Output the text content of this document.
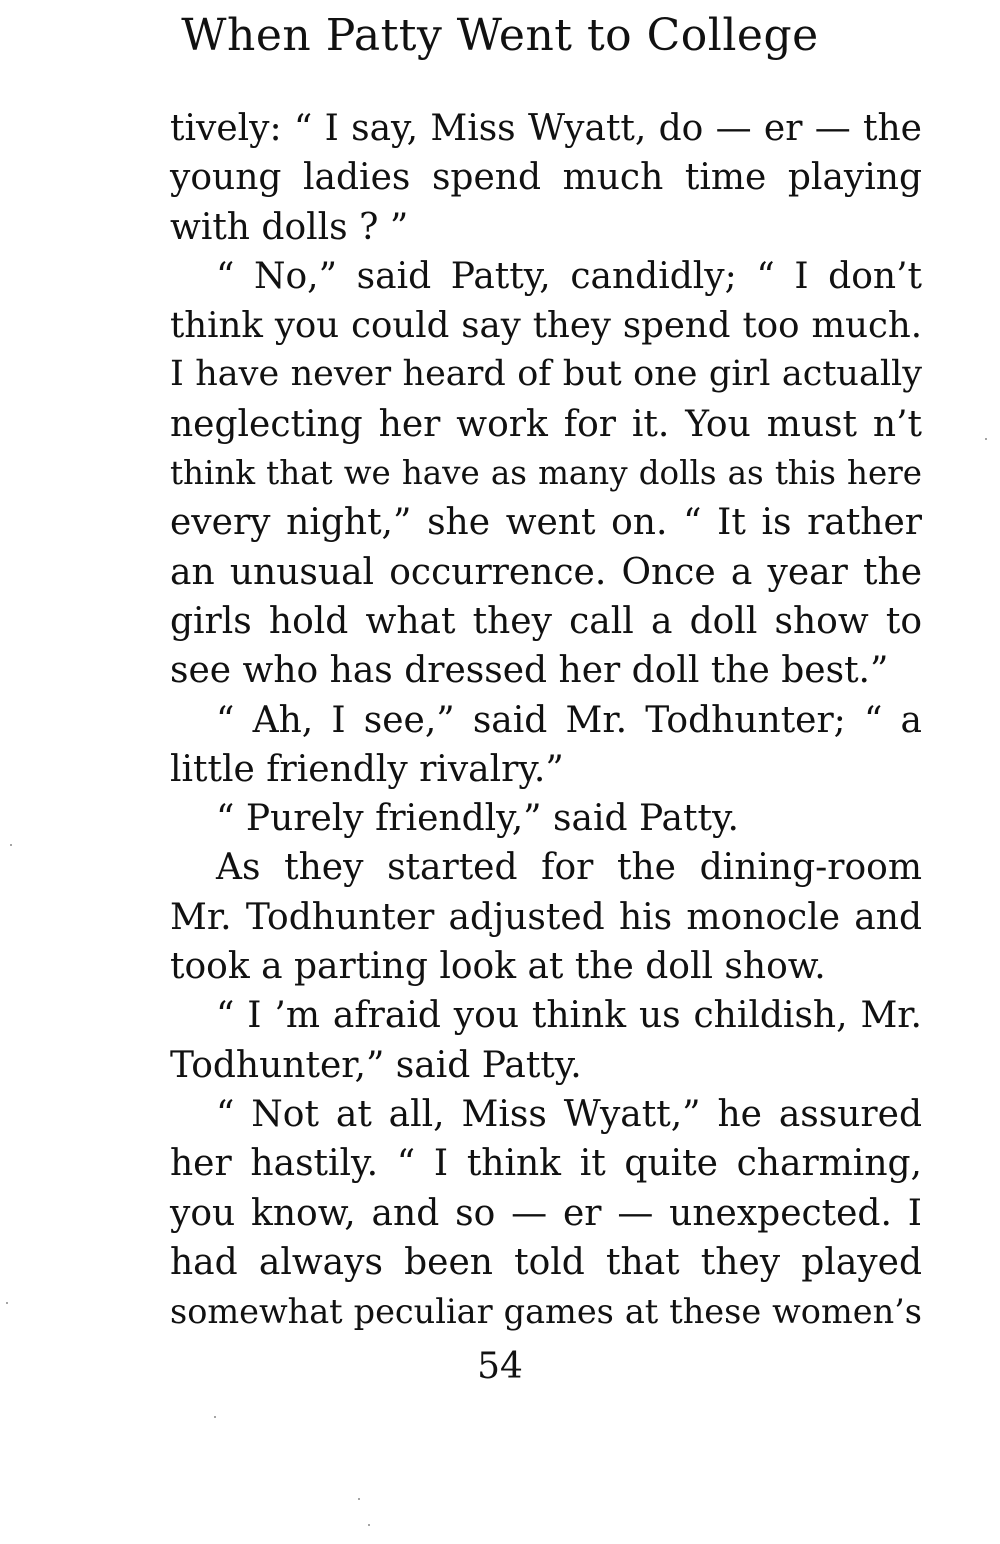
When Patty Went to College
tively: “ I say, Miss Wyatt, do — er — the
young ladies spend much time playing
with dolls ? ”
“ No,” said Patty, candidly; “ I don’t
think you could say they spend too much.
I have never heard of but one girl actually
neglecting her work for it. You must n’t
think that we have as many dolls as this here
every night,” she went on. “ It is rather
an unusual occurrence. Once a year the
girls hold what they call a doll show to
see who has dressed her doll the best.”
“ Ah, I see,” said Mr. Todhunter; “ a
little friendly rivalry.”
“ Purely friendly,” said Patty.
As they started for the dining-room
Mr. Todhunter adjusted his monocle and
took a parting look at the doll show.
“ I ’m afraid you think us childish, Mr.
Todhunter,” said Patty.
“ Not at all, Miss Wyatt,” he assured
her hastily. “ I think it quite charming,
you know, and so — er — unexpected. I
had always been told that they played
somewhat peculiar games at these women’s
54
